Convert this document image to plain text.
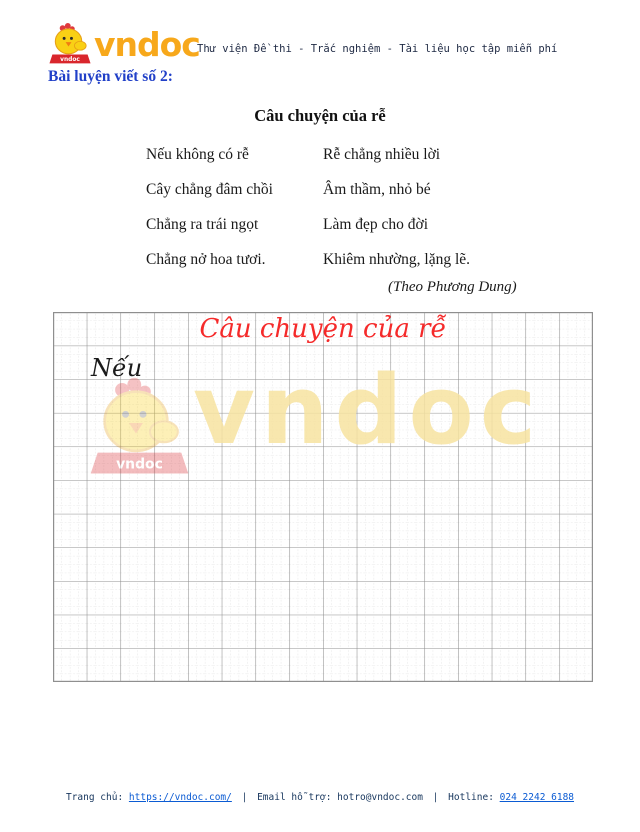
vndoc vndoc
Thư viện Đề thi - Trắc nghiệm - Tài liệu học tập miễn phí
Bài luyện viết số 2:
Câu chuyện của rễ
Nếu không có rễ
Cây chẳng đâm chồi
Chẳng ra trái ngọt
Chẳng nở hoa tươi.
Rễ chẳng nhiều lời
Âm thầm, nhỏ bé
Làm đẹp cho đời
Khiêm nhường, lặng lẽ.
(Theo Phương Dung)
vndoc vndoc
Câu chuyện của rễ
Nếu
Trang chủ: https://vndoc.com/ | Email hỗ trợ: hotro@vndoc.com | Hotline: 024 2242 6188
